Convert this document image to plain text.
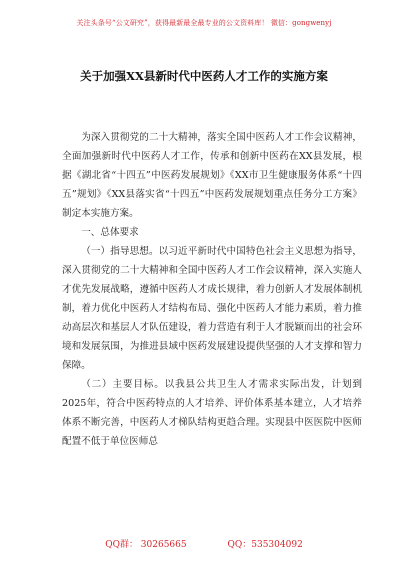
关注头条号“公文研究”，获得最新最全最专业的公文资料库！ 微信：gongwenyj
关于加强XX县新时代中医药人才工作的实施方案

为深入贯彻党的二十大精神，落实全国中医药人才工作会议精神，全面加强新时代中医药人才工作，传承和创新中医药在XX县发展，根据《湖北省“十四五”中医药发展规划》《XX市卫生健康服务体系“十四五”规划》《XX县落实省“十四五”中医药发展规划重点任务分工方案》制定本实施方案。

一、总体要求

（一）指导思想。以习近平新时代中国特色社会主义思想为指导，深入贯彻党的二十大精神和全国中医药人才工作会议精神，深入实施人才优先发展战略，遵循中医药人才成长规律，着力创新人才发展体制机制，着力优化中医药人才结构布局、强化中医药人才能力素质，着力推动高层次和基层人才队伍建设，着力营造有利于人才脱颖而出的社会环境和发展氛围，为推进县域中医药发展建设提供坚强的人才支撑和智力保障。

（二）主要目标。以我县公共卫生人才需求实际出发，计划到2025年，符合中医药特点的人才培养、评价体系基本建立，人才培养体系不断完善，中医药人才梯队结构更趋合理。实现县中医医院中医师配置不低于单位医师总

QQ群： 30265665	QQ：535304092
